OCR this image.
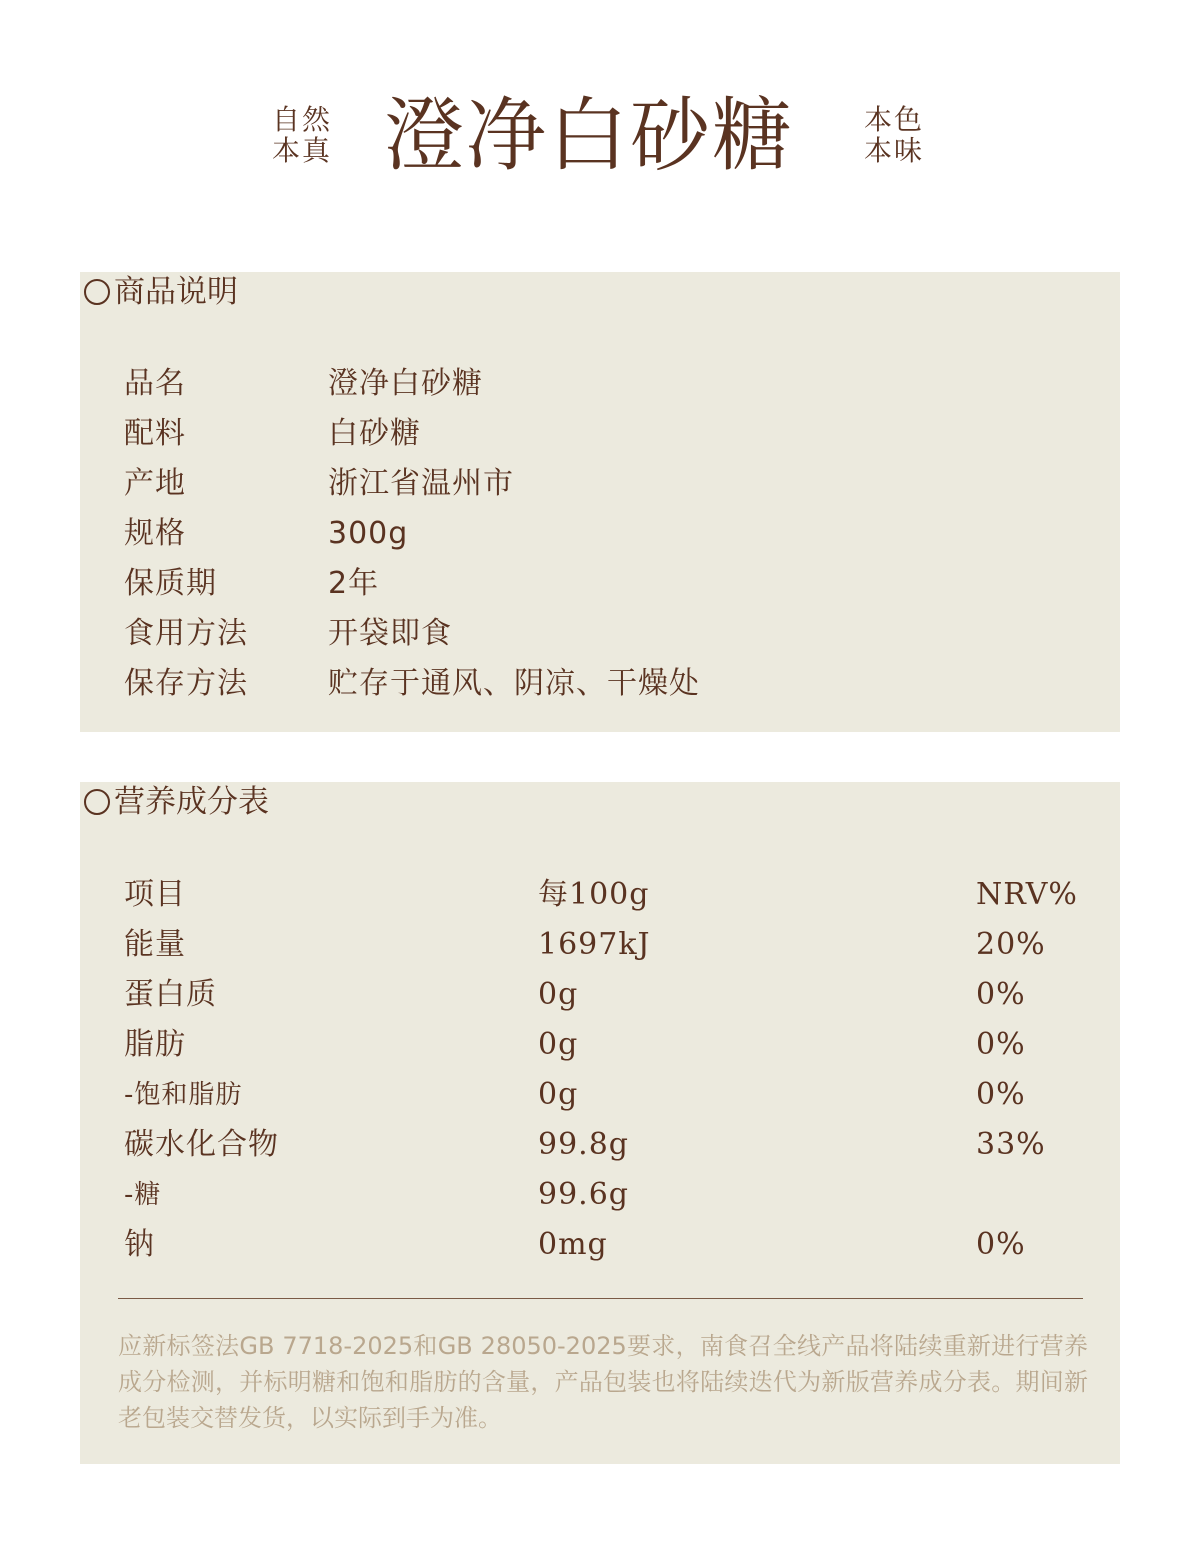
自然
本真 澄净白砂糖	本色
本味
商品说明
品名	澄净白砂糖
配料	白砂糖
产地	浙江省温州市
规格	300g
保质期	2年
食用方法	开袋即食
保存方法	贮存于通风、阴凉、干燥处
营养成分表
项目	每100g	NRV%
能量	1697kJ	20%
蛋白质	0g	0%
脂肪	0g	0%
-饱和脂肪	0g	0%
碳水化合物	99.8g	33%
-糖	99.6g
钠	0mg	0%
应新标签法GB 7718-2025和GB 28050-2025要求，南食召全线产品将陆续重新进行营养成分检测，并标明糖和饱和脂肪的含量，产品包装也将陆续迭代为新版营养成分表。期间新老包装交替发货，以实际到手为准。
